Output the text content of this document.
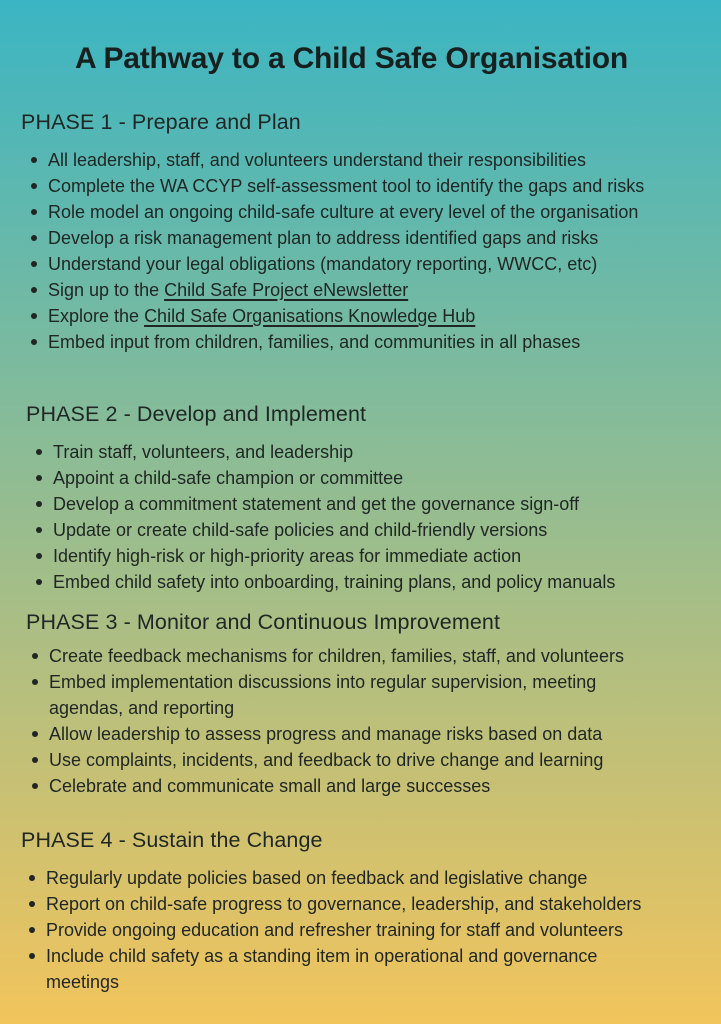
A Pathway to a Child Safe Organisation
PHASE 1 - Prepare and Plan
All leadership, staff, and volunteers understand their responsibilities
Complete the WA CCYP self-assessment tool to identify the gaps and risks
Role model an ongoing child-safe culture at every level of the organisation
Develop a risk management plan to address identified gaps and risks
Understand your legal obligations (mandatory reporting, WWCC, etc)
Sign up to the Child Safe Project eNewsletter
Explore the Child Safe Organisations Knowledge Hub
Embed input from children, families, and communities in all phases
PHASE 2 - Develop and Implement
Train staff, volunteers, and leadership
Appoint a child-safe champion or committee
Develop a commitment statement and get the governance sign-off
Update or create child-safe policies and child-friendly versions
Identify high-risk or high-priority areas for immediate action
Embed child safety into onboarding, training plans, and policy manuals
PHASE 3 - Monitor and Continuous Improvement
Create feedback mechanisms for children, families, staff, and volunteers
Embed implementation discussions into regular supervision, meeting
agendas, and reporting
Allow leadership to assess progress and manage risks based on data
Use complaints, incidents, and feedback to drive change and learning
Celebrate and communicate small and large successes
PHASE 4 - Sustain the Change
Regularly update policies based on feedback and legislative change
Report on child-safe progress to governance, leadership, and stakeholders
Provide ongoing education and refresher training for staff and volunteers
Include child safety as a standing item in operational and governance
meetings
